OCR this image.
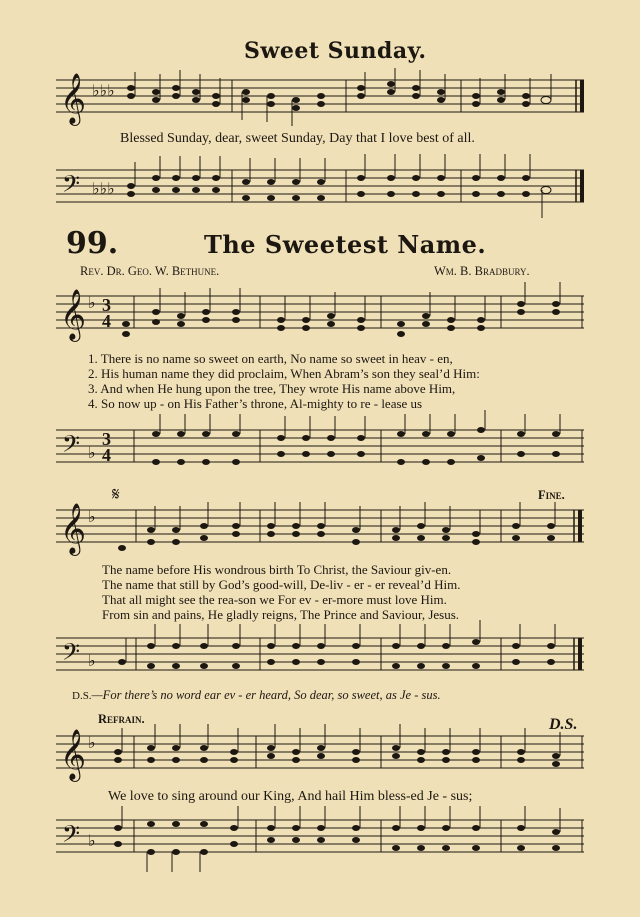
Sweet Sunday.
𝄞 ♭♭♭
Blessed Sunday, dear, sweet Sunday, Day that I love best of all.
𝄢 ♭♭♭
99.	The Sweetest Name.
Rev. Dr. Geo. W. Bethune.	Wm. B. Bradbury.
𝄞 ♭ 3
4
1. There is no name so sweet on earth, No name so sweet in heav - en,
2. His human name they did proclaim, When Abram’s son they seal’d Him:
3. And when He hung upon the tree, They wrote His name above Him,
4. So now up - on His Father’s throne, Al-mighty to re - lease us
𝄢 ♭
3
4
𝄋	Fine.
𝄞 ♭
The name before His wondrous birth To Christ, the Saviour giv-en.
The name that still by God’s good-will, De-liv - er - er reveal’d Him.
That all might see the rea-son we For ev - er-more must love Him.
From sin and pains, He gladly reigns, The Prince and Saviour, Jesus.
𝄢 ♭
D.S.—For there’s no word ear ev - er heard, So dear, so sweet, as Je - sus.
Refrain.	D.S.
𝄞 ♭
We love to sing around our King, And hail Him bless-ed Je - sus;
𝄢 ♭
